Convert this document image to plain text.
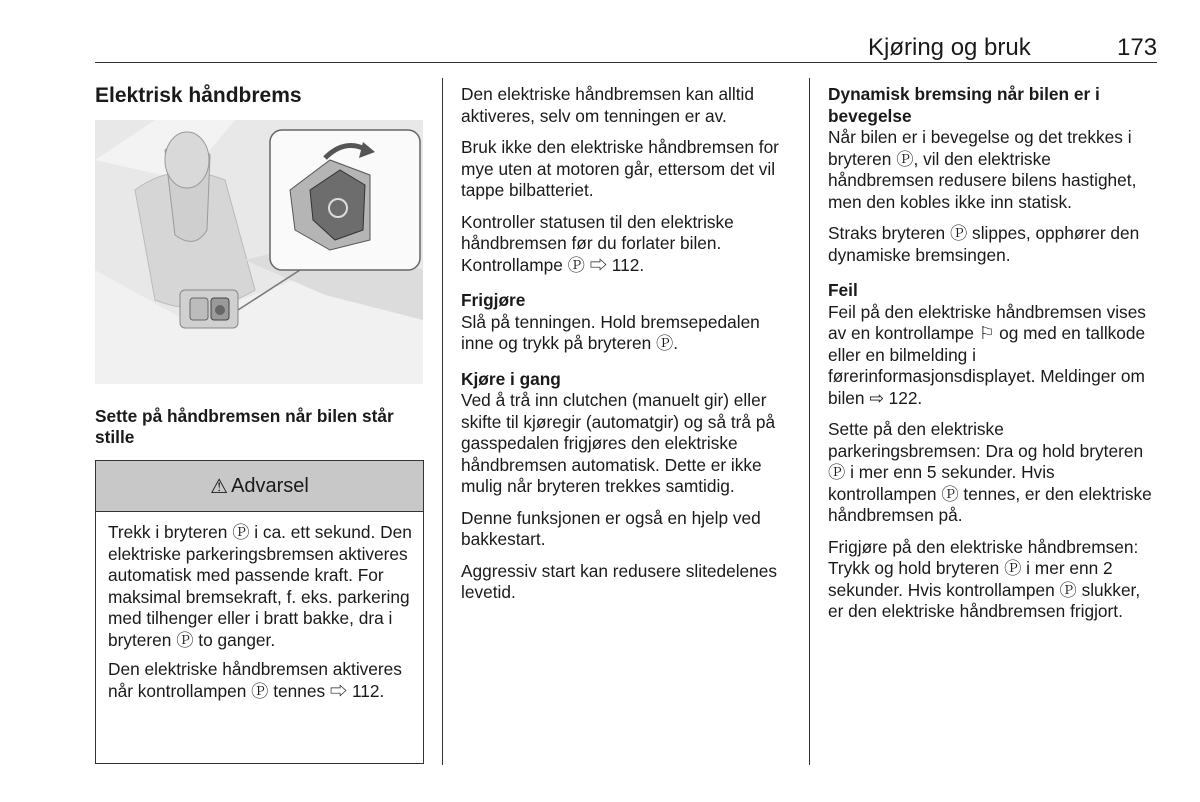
Kjøring og bruk	173
Elektrisk håndbrems
Sette på håndbremsen når bilen står stille
⚠ Advarsel

Trekk i bryteren Ⓟ i ca. ett sekund. Den elektriske parkeringsbremsen aktiveres automatisk med passende kraft. For maksimal bremsekraft, f. eks. parkering med tilhenger eller i bratt bakke, dra i bryteren Ⓟ to ganger.

Den elektriske håndbremsen aktiveres når kontrollampen Ⓟ tennes ⇨ 112.

Den elektriske håndbremsen kan alltid aktiveres, selv om tenningen er av.

Bruk ikke den elektriske håndbremsen for mye uten at motoren går, ettersom det vil tappe bilbatteriet.

Kontroller statusen til den elektriske håndbremsen før du forlater bilen. Kontrollampe Ⓟ ⇨ 112.

Frigjøre

Slå på tenningen. Hold bremsepedalen inne og trykk på bryteren Ⓟ.

Kjøre i gang

Ved å trå inn clutchen (manuelt gir) eller skifte til kjøregir (automatgir) og så trå på gasspedalen frigjøres den elektriske håndbremsen automatisk. Dette er ikke mulig når bryteren trekkes samtidig.

Denne funksjonen er også en hjelp ved bakkestart.

Aggressiv start kan redusere slitedelenes levetid.

Dynamisk bremsing når bilen er i bevegelse

Når bilen er i bevegelse og det trekkes i bryteren Ⓟ, vil den elektriske håndbremsen redusere bilens hastighet, men den kobles ikke inn statisk.

Straks bryteren Ⓟ slippes, opphører den dynamiske bremsingen.

Feil

Feil på den elektriske håndbremsen vises av en kontrollampe ⚐ og med en tallkode eller en bilmelding i førerinformasjonsdisplayet. Meldinger om bilen ⇨ 122.

Sette på den elektriske parkeringsbremsen: Dra og hold bryteren Ⓟ i mer enn 5 sekunder. Hvis kontrollampen Ⓟ tennes, er den elektriske håndbremsen på.

Frigjøre på den elektriske håndbremsen: Trykk og hold bryteren Ⓟ i mer enn 2 sekunder. Hvis kontrollampen Ⓟ slukker, er den elektriske håndbremsen frigjort.
